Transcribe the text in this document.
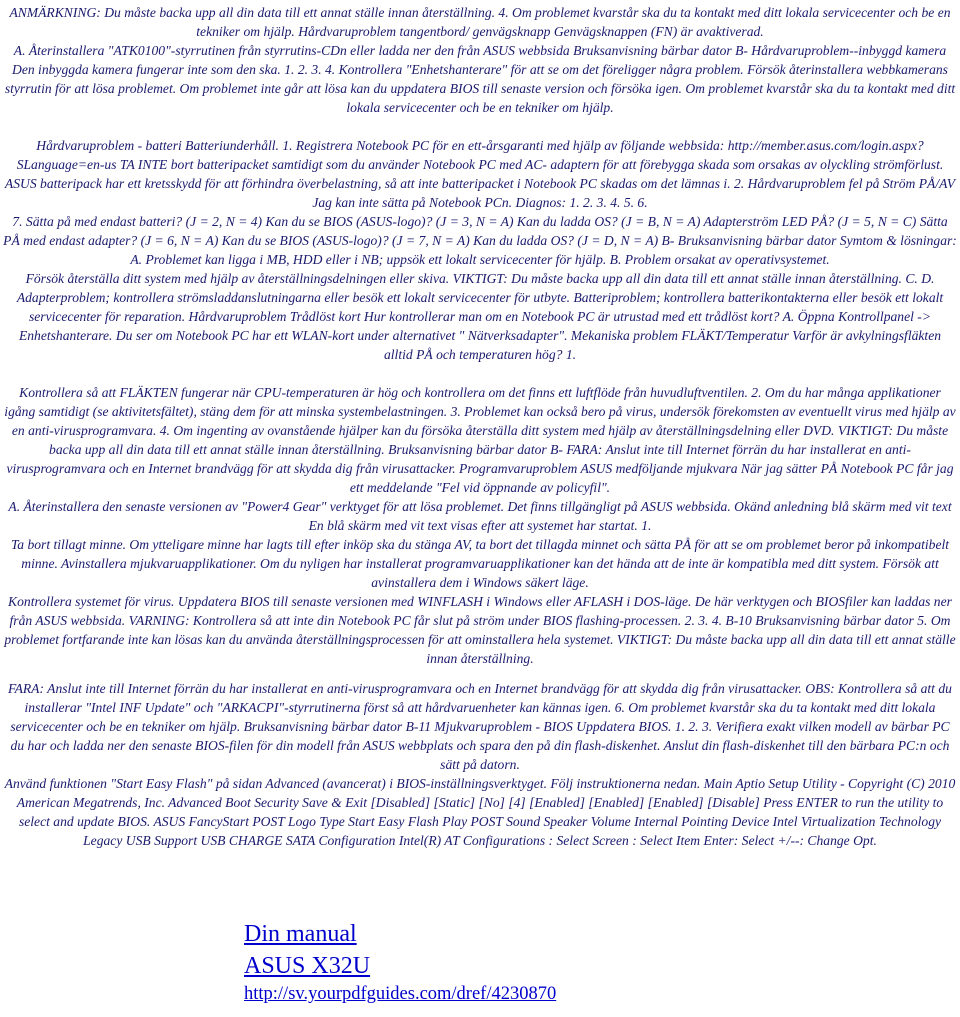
ANMÄRKNING: Du måste backa upp all din data till ett annat ställe innan återställning. 4. Om problemet kvarstår ska du ta kontakt med ditt lokala servicecenter och be en tekniker om hjälp. Hårdvaruproblem tangentbord/ genvägsknapp Genvägsknappen (FN) är avaktiverad.

A. Återinstallera "ATK0100"-styrrutinen från styrrutins-CDn eller ladda ner den från ASUS webbsida Bruksanvisning bärbar dator B- Hårdvaruproblem--inbyggd kamera Den inbyggda kamera fungerar inte som den ska. 1. 2. 3. 4. Kontrollera "Enhetshanterare" för att se om det föreligger några problem. Försök återinstallera webbkamerans styrrutin för att lösa problemet. Om problemet inte går att lösa kan du uppdatera BIOS till senaste version och försöka igen. Om problemet kvarstår ska du ta kontakt med ditt lokala servicecenter och be en tekniker om hjälp.

Hårdvaruproblem - batteri Batteriunderhåll. 1. Registrera Notebook PC för en ett-årsgaranti med hjälp av följande webbsida: http://member.asus.com/login.aspx?SLanguage=en-us TA INTE bort batteripacket samtidigt som du använder Notebook PC med AC- adaptern för att förebygga skada som orsakas av olyckling strömförlust. ASUS batteripack har ett kretsskydd för att förhindra överbelastning, så att inte batteripacket i Notebook PC skadas om det lämnas i. 2. Hårdvaruproblem fel på Ström PÅ/AV Jag kan inte sätta på Notebook PCn. Diagnos: 1. 2. 3. 4. 5. 6.

7. Sätta på med endast batteri? (J = 2, N = 4) Kan du se BIOS (ASUS-logo)? (J = 3, N = A) Kan du ladda OS? (J = B, N = A) Adapterström LED PÅ? (J = 5, N = C) Sätta PÅ med endast adapter? (J = 6, N = A) Kan du se BIOS (ASUS-logo)? (J = 7, N = A) Kan du ladda OS? (J = D, N = A) B- Bruksanvisning bärbar dator Symtom & lösningar: A. Problemet kan ligga i MB, HDD eller i NB; uppsök ett lokalt servicecenter för hjälp. B. Problem orsakat av operativsystemet.

Försök återställa ditt system med hjälp av återställningsdelningen eller skiva. VIKTIGT: Du måste backa upp all din data till ett annat ställe innan återställning. C. D. Adapterproblem; kontrollera strömsladdanslutningarna eller besök ett lokalt servicecenter för utbyte. Batteriproblem; kontrollera batterikontakterna eller besök ett lokalt servicecenter för reparation. Hårdvaruproblem Trådlöst kort Hur kontrollerar man om en Notebook PC är utrustad med ett trådlöst kort? A. Öppna Kontrollpanel -> Enhetshanterare. Du ser om Notebook PC har ett WLAN-kort under alternativet " Nätverksadapter". Mekaniska problem FLÄKT/Temperatur Varför är avkylningsfläkten alltid PÅ och temperaturen hög? 1.

Kontrollera så att FLÄKTEN fungerar när CPU-temperaturen är hög och kontrollera om det finns ett luftflöde från huvudluftventilen. 2. Om du har många applikationer igång samtidigt (se aktivitetsfältet), stäng dem för att minska systembelastningen. 3. Problemet kan också bero på virus, undersök förekomsten av eventuellt virus med hjälp av en anti-virusprogramvara. 4. Om ingenting av ovanstående hjälper kan du försöka återställa ditt system med hjälp av återställningsdelning eller DVD. VIKTIGT: Du måste backa upp all din data till ett annat ställe innan återställning. Bruksanvisning bärbar dator B- FARA: Anslut inte till Internet förrän du har installerat en anti-virusprogramvara och en Internet brandvägg för att skydda dig från virusattacker. Programvaruproblem ASUS medföljande mjukvara När jag sätter PÅ Notebook PC får jag ett meddelande "Fel vid öppnande av policyfil".

A. Återinstallera den senaste versionen av "Power4 Gear" verktyget för att lösa problemet. Det finns tillgängligt på ASUS webbsida. Okänd anledning blå skärm med vit text En blå skärm med vit text visas efter att systemet har startat. 1.

Ta bort tillagt minne. Om ytteligare minne har lagts till efter inköp ska du stänga AV, ta bort det tillagda minnet och sätta PÅ för att se om problemet beror på inkompatibelt minne. Avinstallera mjukvaruapplikationer. Om du nyligen har installerat programvaruapplikationer kan det hända att de inte är kompatibla med ditt system. Försök att avinstallera dem i Windows säkert läge.

Kontrollera systemet för virus. Uppdatera BIOS till senaste versionen med WINFLASH i Windows eller AFLASH i DOS-läge. De här verktygen och BIOSfiler kan laddas ner från ASUS webbsida. VARNING: Kontrollera så att inte din Notebook PC får slut på ström under BIOS flashing-processen. 2. 3. 4. B-10 Bruksanvisning bärbar dator 5. Om problemet fortfarande inte kan lösas kan du använda återställningsprocessen för att ominstallera hela systemet. VIKTIGT: Du måste backa upp all din data till ett annat ställe innan återställning.

FARA: Anslut inte till Internet förrän du har installerat en anti-virusprogramvara och en Internet brandvägg för att skydda dig från virusattacker. OBS: Kontrollera så att du installerar "Intel INF Update" och "ARKACPI"-styrrutinerna först så att hårdvaruenheter kan kännas igen. 6. Om problemet kvarstår ska du ta kontakt med ditt lokala servicecenter och be en tekniker om hjälp. Bruksanvisning bärbar dator B-11 Mjukvaruproblem - BIOS Uppdatera BIOS. 1. 2. 3. Verifiera exakt vilken modell av bärbar PC du har och ladda ner den senaste BIOS-filen för din modell från ASUS webbplats och spara den på din flash-diskenhet. Anslut din flash-diskenhet till den bärbara PC:n och sätt på datorn.

Använd funktionen "Start Easy Flash" på sidan Advanced (avancerat) i BIOS-inställningsverktyget. Följ instruktionerna nedan. Main Aptio Setup Utility - Copyright (C) 2010 American Megatrends, Inc. Advanced Boot Security Save & Exit [Disabled] [Static] [No] [4] [Enabled] [Enabled] [Enabled] [Disable] Press ENTER to run the utility to select and update BIOS. ASUS FancyStart POST Logo Type Start Easy Flash Play POST Sound Speaker Volume Internal Pointing Device Intel Virtualization Technology Legacy USB Support USB CHARGE SATA Configuration Intel(R) AT Configurations : Select Screen : Select Item Enter: Select +/--: Change Opt.

Din manual
ASUS X32U
http://sv.yourpdfguides.com/dref/4230870
